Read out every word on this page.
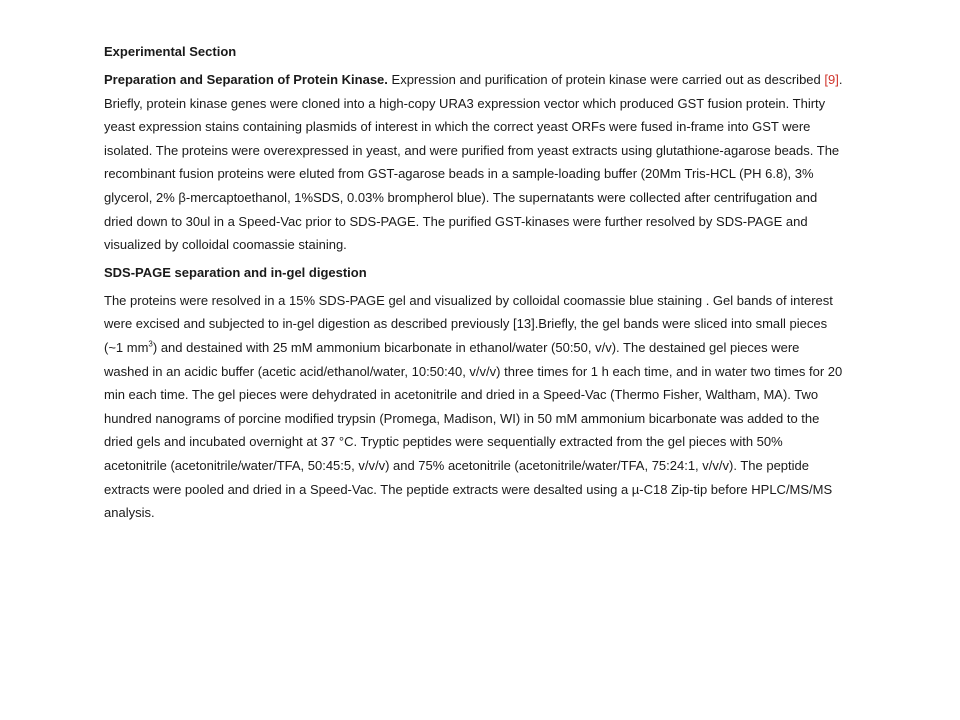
Experimental Section

Preparation and Separation of Protein Kinase. Expression and purification of protein kinase were carried out as described [9]. Briefly, protein kinase genes were cloned into a high-copy URA3 expression vector which produced GST fusion protein. Thirty yeast expression stains containing plasmids of interest in which the correct yeast ORFs were fused in-frame into GST were isolated. The proteins were overexpressed in yeast, and were purified from yeast extracts using glutathione-agarose beads. The recombinant fusion proteins were eluted from GST-agarose beads in a sample-loading buffer (20Mm Tris-HCL (PH 6.8), 3% glycerol, 2% β-mercaptoethanol, 1%SDS, 0.03% brompherol blue). The supernatants were collected after centrifugation and dried down to 30ul in a Speed-Vac prior to SDS-PAGE. The purified GST-kinases were further resolved by SDS-PAGE and visualized by colloidal coomassie staining.

SDS-PAGE separation and in-gel digestion

The proteins were resolved in a 15% SDS-PAGE gel and visualized by colloidal coomassie blue staining . Gel bands of interest were excised and subjected to in-gel digestion as described previously [13].Briefly, the gel bands were sliced into small pieces (~1 $mm^3$) and destained with 25 mM ammonium bicarbonate in ethanol/water (50:50, v/v). The destained gel pieces were washed in an acidic buffer (acetic acid/ethanol/water, 10:50:40, v/v/v) three times for 1 h each time, and in water two times for 20 min each time. The gel pieces were dehydrated in acetonitrile and dried in a Speed-Vac (Thermo Fisher, Waltham, MA). Two hundred nanograms of porcine modified trypsin (Promega, Madison, WI) in 50 mM ammonium bicarbonate was added to the dried gels and incubated overnight at 37 °C. Tryptic peptides were sequentially extracted from the gel pieces with 50% acetonitrile (acetonitrile/water/TFA, 50:45:5, v/v/v) and 75% acetonitrile (acetonitrile/water/TFA, 75:24:1, v/v/v). The peptide extracts were pooled and dried in a Speed-Vac. The peptide extracts were desalted using a µ-C18 Zip-tip before HPLC/MS/MS analysis.
